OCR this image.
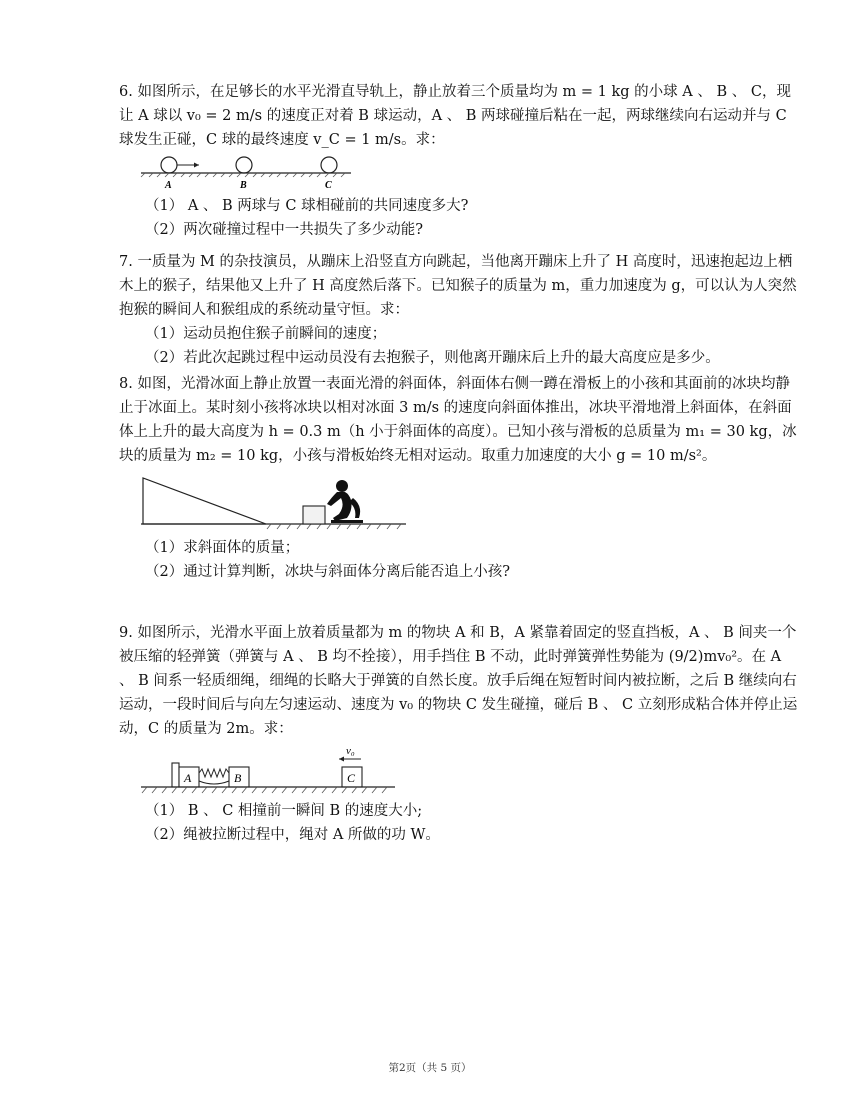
6. 如图所示，在足够长的水平光滑直导轨上，静止放着三个质量均为 m = 1 kg 的小球 A 、 B 、 C，现让 A 球以 v₀ = 2 m/s 的速度正对着 B 球运动，A 、 B 两球碰撞后粘在一起，两球继续向右运动并与 C 球发生正碰，C 球的最终速度 v_C = 1 m/s。求：

A	B	C

（1） A 、 B 两球与 C 球相碰前的共同速度多大?

（2）两次碰撞过程中一共损失了多少动能?

7. 一质量为 M 的杂技演员，从蹦床上沿竖直方向跳起，当他离开蹦床上升了 H 高度时，迅速抱起边上栖木上的猴子，结果他又上升了 H 高度然后落下。已知猴子的质量为 m，重力加速度为 g，可以认为人突然抱猴的瞬间人和猴组成的系统动量守恒。求：

（1）运动员抱住猴子前瞬间的速度；

（2）若此次起跳过程中运动员没有去抱猴子，则他离开蹦床后上升的最大高度应是多少。

8. 如图，光滑冰面上静止放置一表面光滑的斜面体，斜面体右侧一蹲在滑板上的小孩和其面前的冰块均静止于冰面上。某时刻小孩将冰块以相对冰面 3 m/s 的速度向斜面体推出，冰块平滑地滑上斜面体，在斜面体上上升的最大高度为 h = 0.3 m（h 小于斜面体的高度）。已知小孩与滑板的总质量为 m₁ = 30 kg，冰块的质量为 m₂ = 10 kg，小孩与滑板始终无相对运动。取重力加速度的大小 g = 10 m/s²。

（1）求斜面体的质量；

（2）通过计算判断，冰块与斜面体分离后能否追上小孩?

9. 如图所示，光滑水平面上放着质量都为 m 的物块 A 和 B，A 紧靠着固定的竖直挡板，A 、 B 间夹一个被压缩的轻弹簧（弹簧与 A 、 B 均不拴接），用手挡住 B 不动，此时弹簧弹性势能为 (9/2)mv₀²。在 A 、 B 间系一轻质细绳，细绳的长略大于弹簧的自然长度。放手后绳在短暂时间内被拉断，之后 B 继续向右运动，一段时间后与向左匀速运动、速度为 v₀ 的物块 C 发生碰撞，碰后 B 、 C 立刻形成粘合体并停止运动，C 的质量为 2m。求：

A	B	C
v₀

（1） B 、 C 相撞前一瞬间 B 的速度大小;

（2）绳被拉断过程中，绳对 A 所做的功 W。

第2页（共 5 页）
